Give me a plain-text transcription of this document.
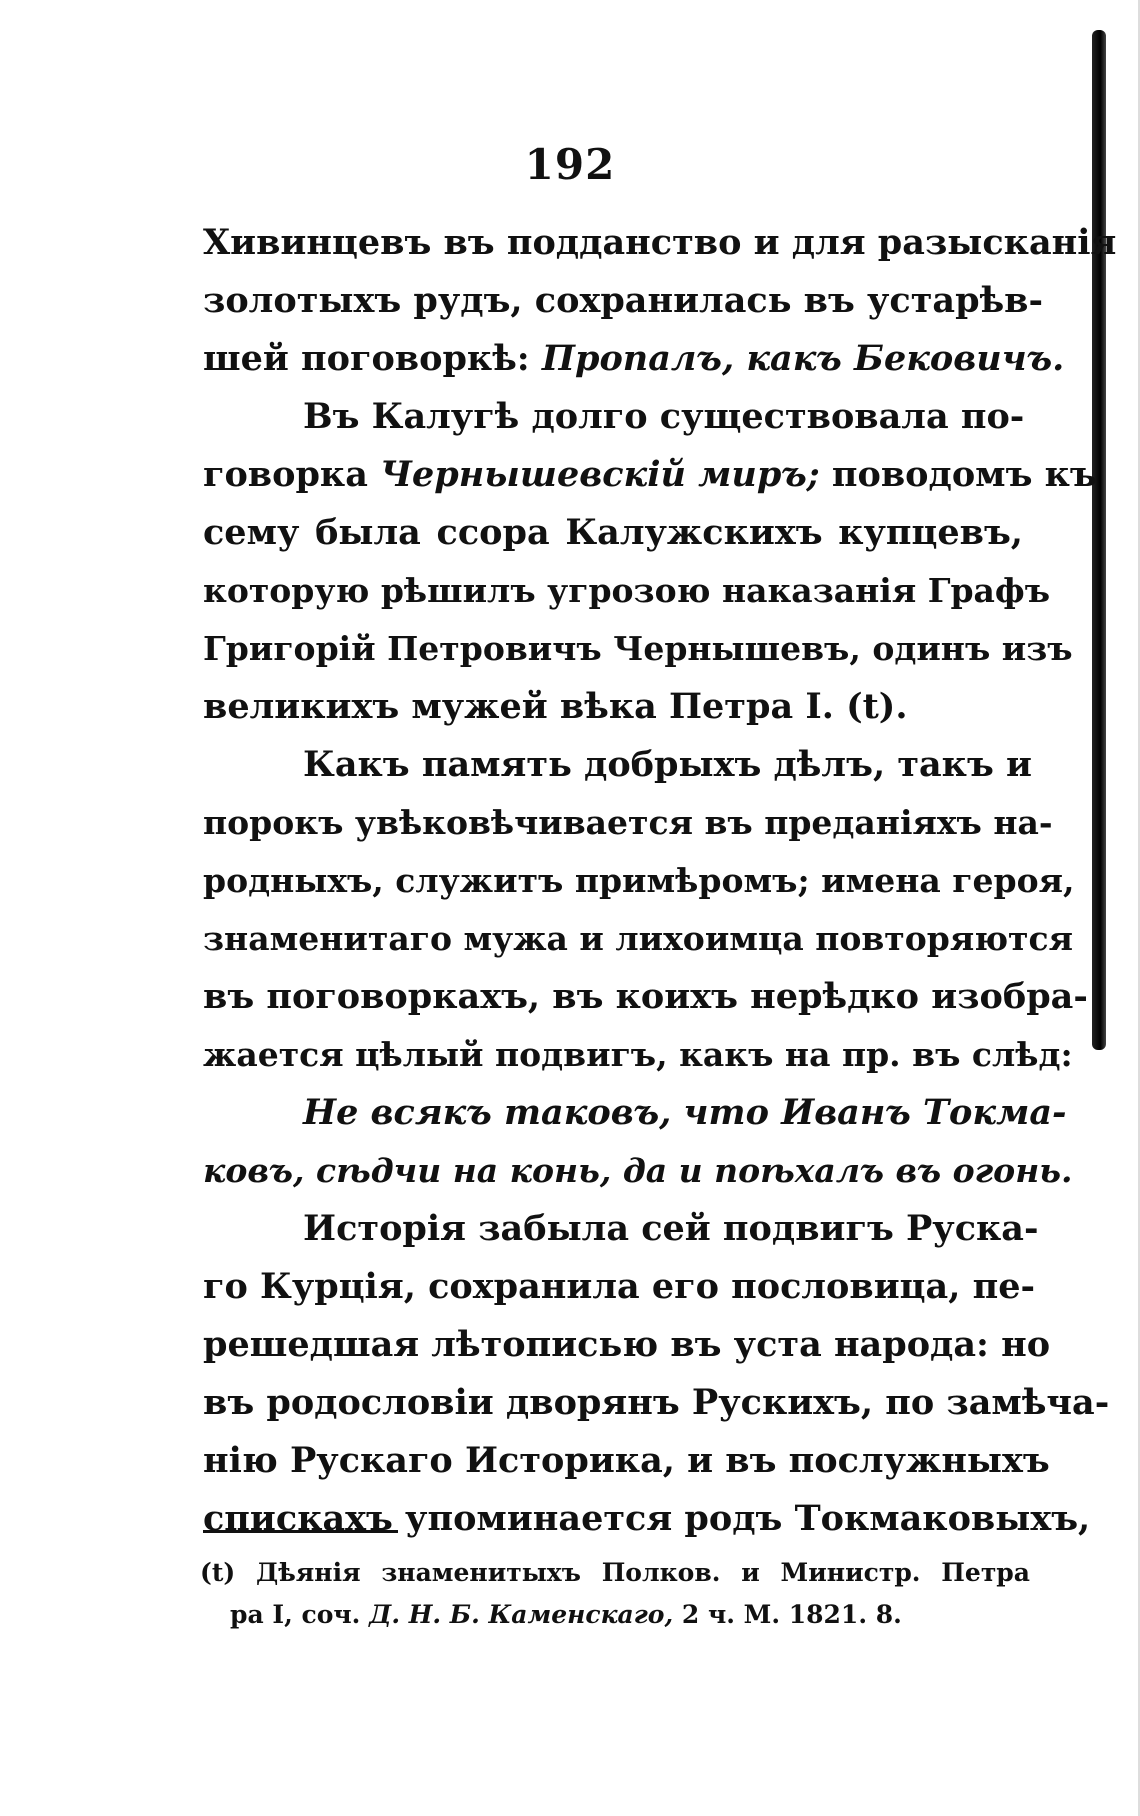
192
Хивинцевъ въ подданство и для разысканія
золотыхъ рудъ, сохранилась въ устарѣв-
шей поговоркѣ: Пропалъ, какъ Бековичъ.
Въ Калугѣ долго существовала по-
говорка Чернышевскій миръ; поводомъ къ
сему была ссора Калужскихъ купцевъ,
которую рѣшилъ угрозою наказанія Графъ
Григорій Петровичъ Чернышевъ, одинъ изъ
великихъ мужей вѣка Петра I. (t).
Какъ память добрыхъ дѣлъ, такъ и
порокъ увѣковѣчивается въ преданіяхъ на-
родныхъ, служитъ примѣромъ; имена героя,
знаменитаго мужа и лихоимца повторяются
въ поговоркахъ, въ коихъ нерѣдко изобра-
жается цѣлый подвигъ, какъ на пр. въ слѣд:
Не всякъ таковъ, что Иванъ Токма-
ковъ, сѣдчи на конь, да и поѣхалъ въ огонь.
Исторія забыла сей подвигъ Руска-
го Курція, сохранила его пословица, пе-
решедшая лѣтописью въ уста народа: но
въ родословіи дворянъ Рускихъ, по замѣча-
нію Рускаго Историка, и въ послужныхъ
спискахъ упоминается родъ Токмаковыхъ,
(t) Дѣянія знаменитыхъ Полков. и Министр. Петра
ра I, соч. Д. Н. Б. Каменскаго, 2 ч. М. 1821. 8.
